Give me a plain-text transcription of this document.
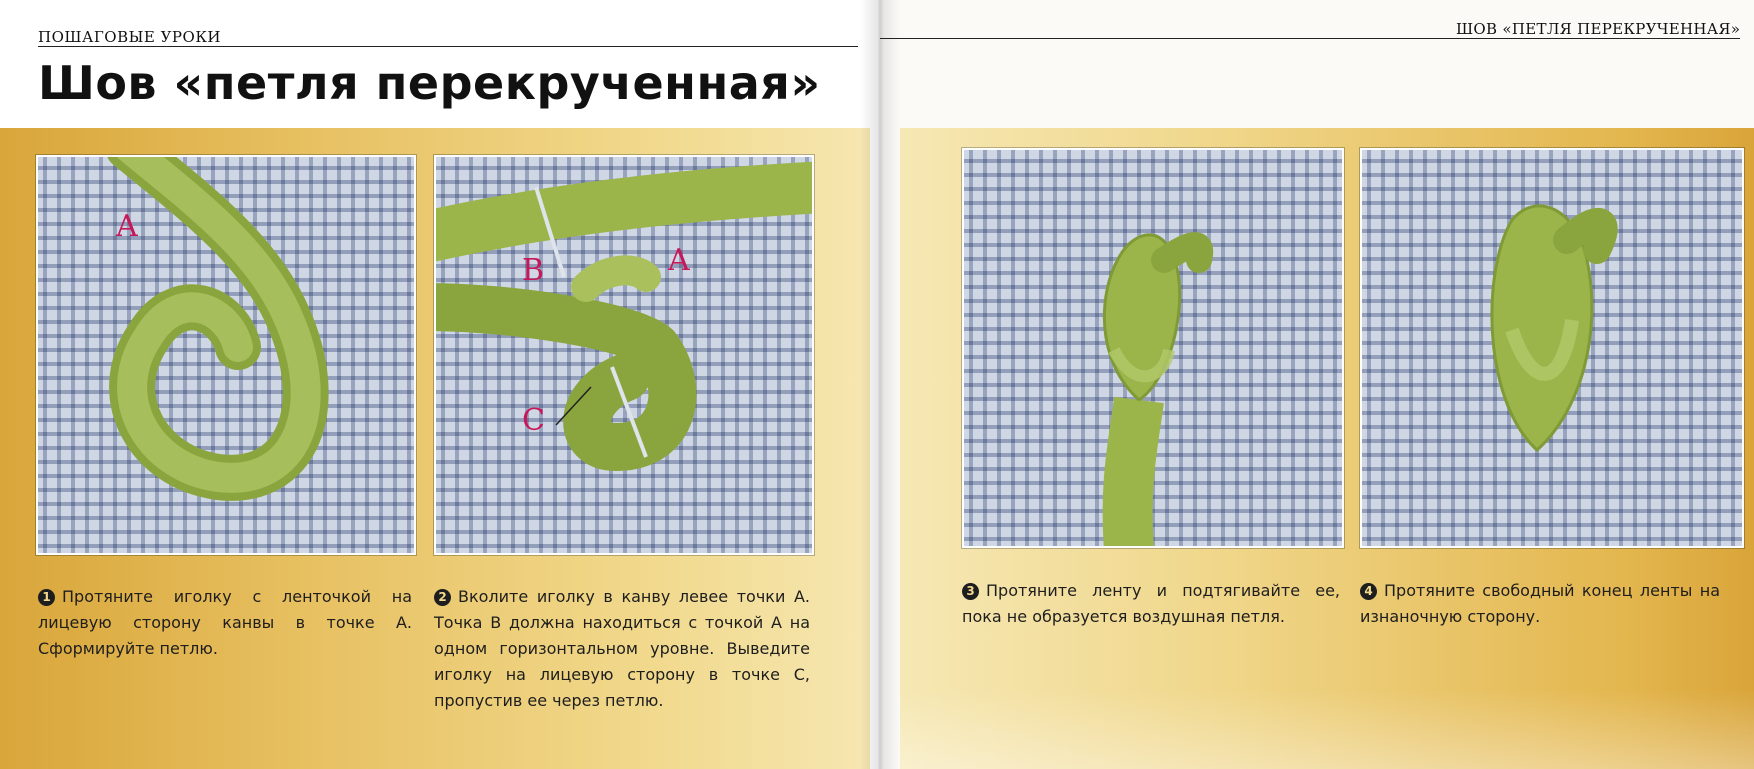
ПОШАГОВЫЕ УРОКИ	ШОВ «ПЕТЛЯ ПЕРЕКРУЧЕННАЯ»
Шов «петля перекрученная»
A
B	A
C
1 Протяните иголку с ленточкой на лицевую сторону канвы в точке А. Сформируйте петлю.
2 Вколите иголку в канву левее точки А. Точка В должна находиться с точкой А на одном горизонтальном уровне. Выведите иголку на лицевую сторону в точке С, пропустив ее через петлю.
3 Протяните ленту и подтягивайте ее, пока не образуется воздушная петля.
4 Протяните свободный конец ленты на изнаночную сторону.
